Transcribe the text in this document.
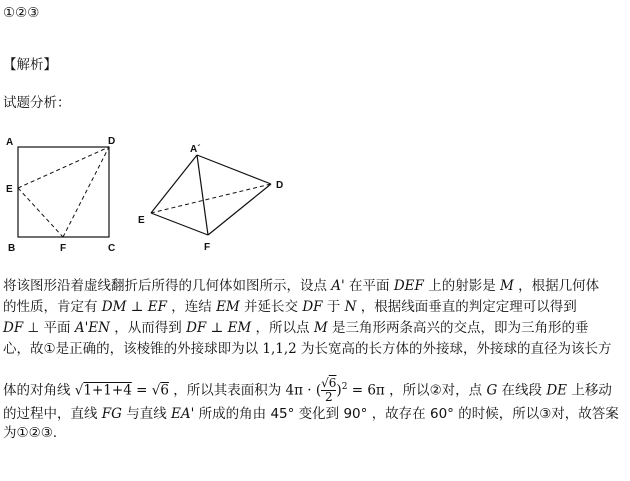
①②③
【解析】
试题分析：
A	D
E
B	F	C
A´
D
E
F
将该图形沿着虚线翻折后所得的几何体如图所示，设点 A' 在平面 DEF 上的射影是 M ，根据几何体
的性质，肯定有 DM ⊥ EF ，连结 EM 并延长交 DF 于 N ，根据线面垂直的判定定理可以得到
DF ⊥ 平面 A'EN ，从而得到 DF ⊥ EM ，所以点 M 是三角形两条高兴的交点，即为三角形的垂
心，故①是正确的，该棱锥的外接球即为以 1,1,2 为长宽高的长方体的外接球，外接球的直径为该长方
体的对角线 √1+1+4 = √6 ，所以其表面积为 4π · ( $\frac{√6}{2} )^2 = 6\pi$ ，所以②对，点 G 在线段 DE 上移动
的过程中，直线 FG 与直线 EA' 所成的角由 45° 变化到 90° ，故存在 60° 的时候，所以③对，故答案
为①②③.
